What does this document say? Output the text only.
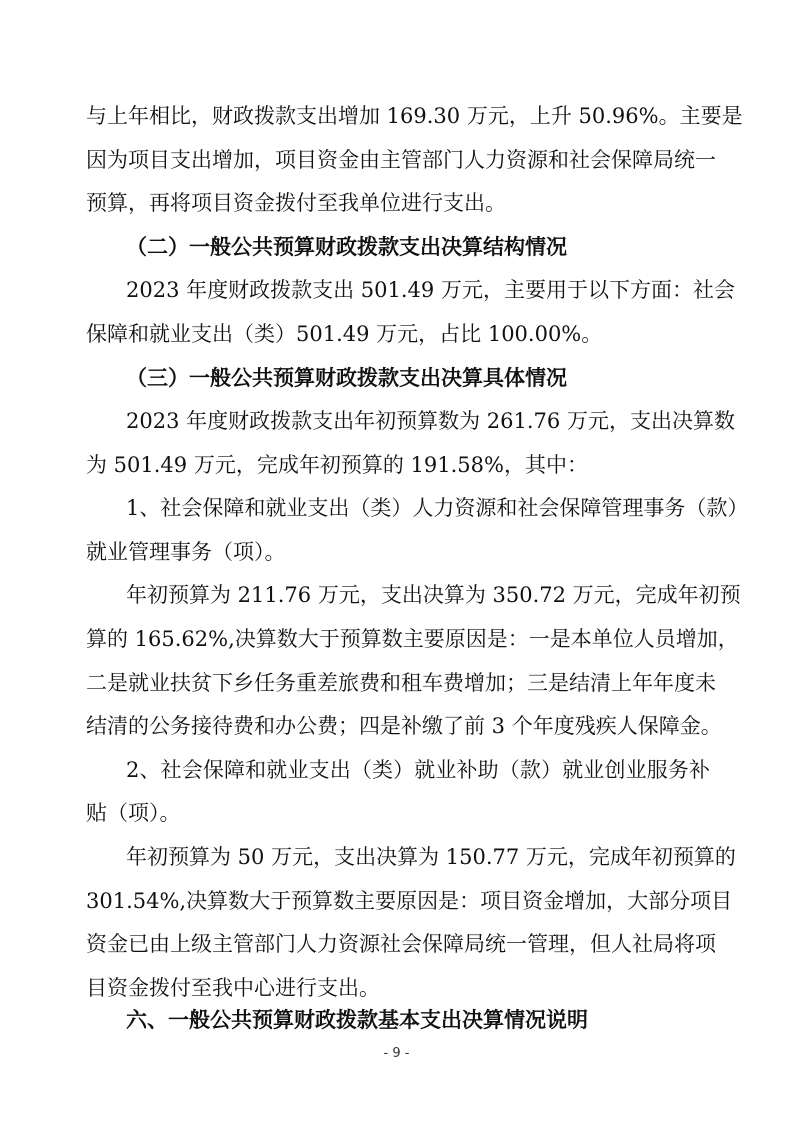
与上年相比，财政拨款支出增加 169.30 万元，上升 50.96%。主要是
因为项目支出增加，项目资金由主管部门人力资源和社会保障局统一
预算，再将项目资金拨付至我单位进行支出。
（二）一般公共预算财政拨款支出决算结构情况
2023 年度财政拨款支出 501.49 万元，主要用于以下方面：社会
保障和就业支出（类）501.49 万元，占比 100.00%。
（三）一般公共预算财政拨款支出决算具体情况
2023 年度财政拨款支出年初预算数为 261.76 万元，支出决算数
为 501.49 万元，完成年初预算的 191.58%，其中：
1、社会保障和就业支出（类）人力资源和社会保障管理事务（款）
就业管理事务（项）。
年初预算为 211.76 万元，支出决算为 350.72 万元，完成年初预
算的 165.62%,决算数大于预算数主要原因是：一是本单位人员增加，
二是就业扶贫下乡任务重差旅费和租车费增加；三是结清上年年度未
结清的公务接待费和办公费；四是补缴了前 3 个年度残疾人保障金。
2、社会保障和就业支出（类）就业补助（款）就业创业服务补
贴（项）。
年初预算为 50 万元，支出决算为 150.77 万元，完成年初预算的
301.54%,决算数大于预算数主要原因是：项目资金增加，大部分项目
资金已由上级主管部门人力资源社会保障局统一管理，但人社局将项
目资金拨付至我中心进行支出。
六、一般公共预算财政拨款基本支出决算情况说明
- 9 -
